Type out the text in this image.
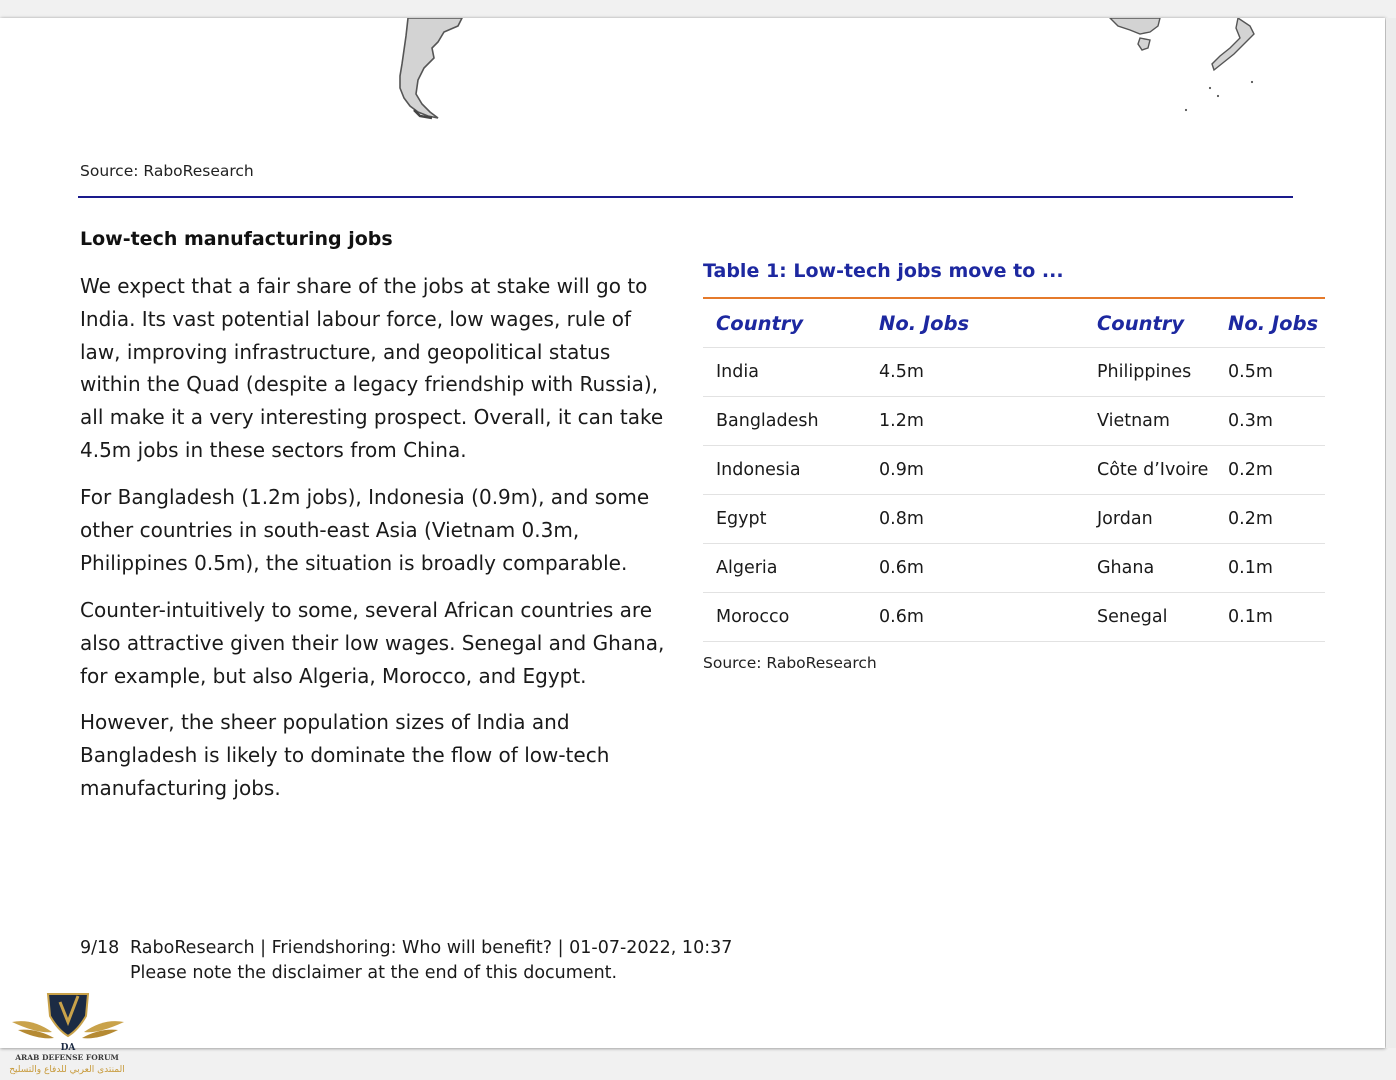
Source: RaboResearch
Low-tech manufacturing jobs
We expect that a fair share of the jobs at stake will go to India. Its vast potential labour force, low wages, rule of law, improving infrastructure, and geopolitical status within the Quad (despite a legacy friendship with Russia), all make it a very interesting prospect. Overall, it can take 4.5m jobs in these sectors from China.
For Bangladesh (1.2m jobs), Indonesia (0.9m), and some other countries in south-east Asia (Vietnam 0.3m, Philippines 0.5m), the situation is broadly comparable.
Counter-intuitively to some, several African countries are also attractive given their low wages. Senegal and Ghana, for example, but also Algeria, Morocco, and Egypt.
However, the sheer population sizes of India and Bangladesh is likely to dominate the flow of low-tech manufacturing jobs.
Table 1: Low-tech jobs move to ...
Country	No. Jobs	Country	No. Jobs
India	4.5m	Philippines	0.5m
Bangladesh	1.2m	Vietnam	0.3m
Indonesia	0.9m	Côte d’Ivoire	0.2m
Egypt	0.8m	Jordan	0.2m
Algeria	0.6m	Ghana	0.1m
Morocco	0.6m	Senegal	0.1m
Source: RaboResearch
9/18 RaboResearch | Friendshoring: Who will benefit? | 01-07-2022, 10:37
Please note the disclaimer at the end of this document.
DA
ARAB DEFENSE FORUM
المنتدى العربي للدفاع والتسليح
